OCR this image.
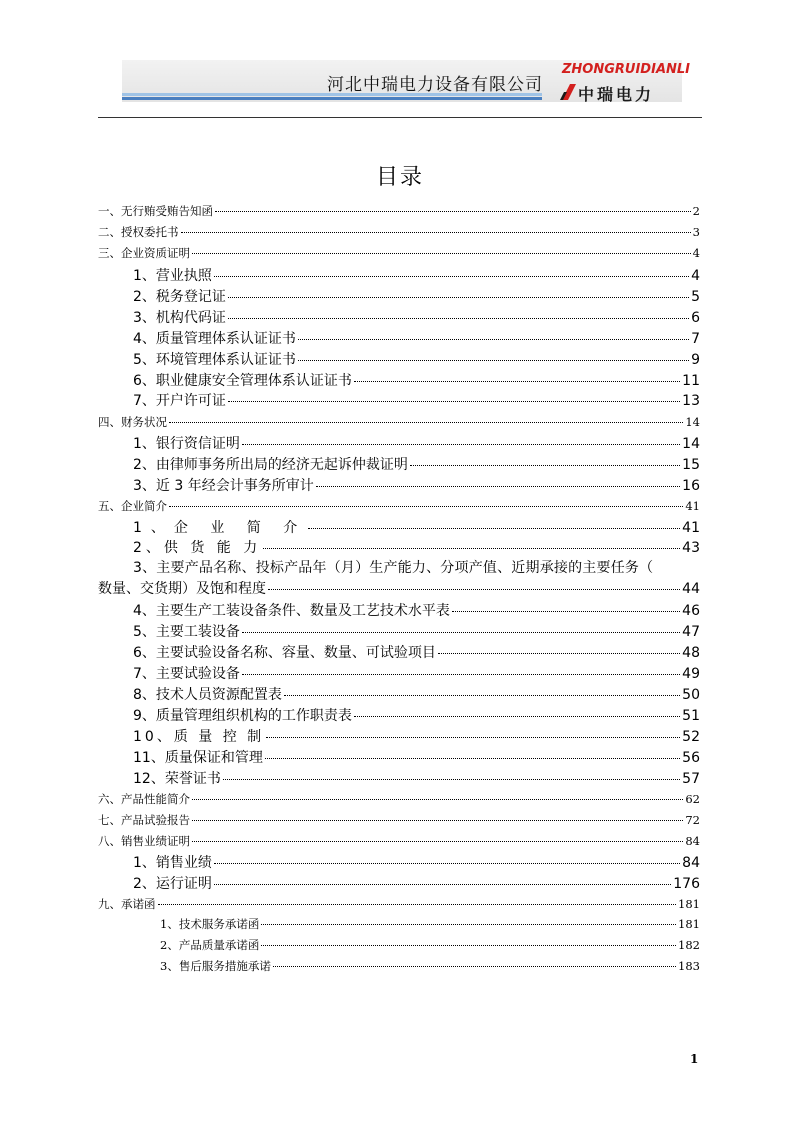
河北中瑞电力设备有限公司
ZHONGRUIDIANLI
中瑞电力
目录
一、无行贿受贿告知函	2
二、授权委托书	3
三、企业资质证明	4
1、营业执照	4
2、税务登记证	5
3、机构代码证	6
4、质量管理体系认证证书	7
5、环境管理体系认证证书	9
6、职业健康安全管理体系认证证书	11
7、开户许可证	13
四、财务状况	14
1、银行资信证明	14
2、由律师事务所出局的经济无起诉仲裁证明	15
3、近 3 年经会计事务所审计	16
五、企业简介	41
1、企 业 简 介	41
2、供 货 能 力	43
3、主要产品名称、投标产品年（月）生产能力、分项产值、近期承接的主要任务（
数量、交货期）及饱和程度	44
4、主要生产工装设备条件、数量及工艺技术水平表	46
5、主要工装设备	47
6、主要试验设备名称、容量、数量、可试验项目	48
7、主要试验设备	49
8、技术人员资源配置表	50
9、质量管理组织机构的工作职责表	51
10、质 量 控 制	52
11、质量保证和管理	56
12、荣誉证书	57
六、产品性能简介	62
七、产品试验报告	72
八、销售业绩证明	84
1、销售业绩	84
2、运行证明	176
九、承诺函	181
1、技术服务承诺函	181
2、产品质量承诺函	182
3、售后服务措施承诺	183
1
